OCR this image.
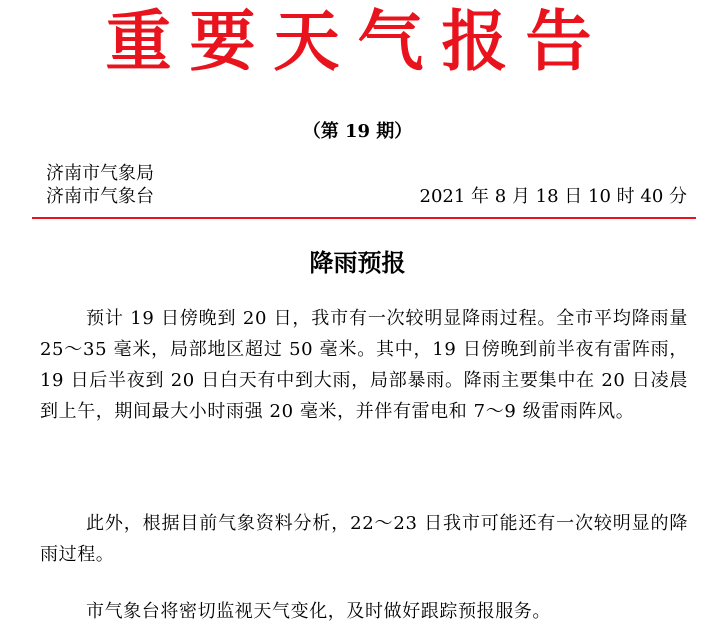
重要天气报告
（第 19 期）
济南市气象局
济南市气象台	2021 年 8 月 18 日 10 时 40 分
降雨预报

预计 19 日傍晚到 20 日，我市有一次较明显降雨过程。全市平均降雨量 25～35 毫米，局部地区超过 50 毫米。其中，19 日傍晚到前半夜有雷阵雨，19 日后半夜到 20 日白天有中到大雨，局部暴雨。降雨主要集中在 20 日凌晨到上午，期间最大小时雨强 20 毫米，并伴有雷电和 7～9 级雷雨阵风。

此外，根据目前气象资料分析，22～23 日我市可能还有一次较明显的降雨过程。

市气象台将密切监视天气变化，及时做好跟踪预报服务。
